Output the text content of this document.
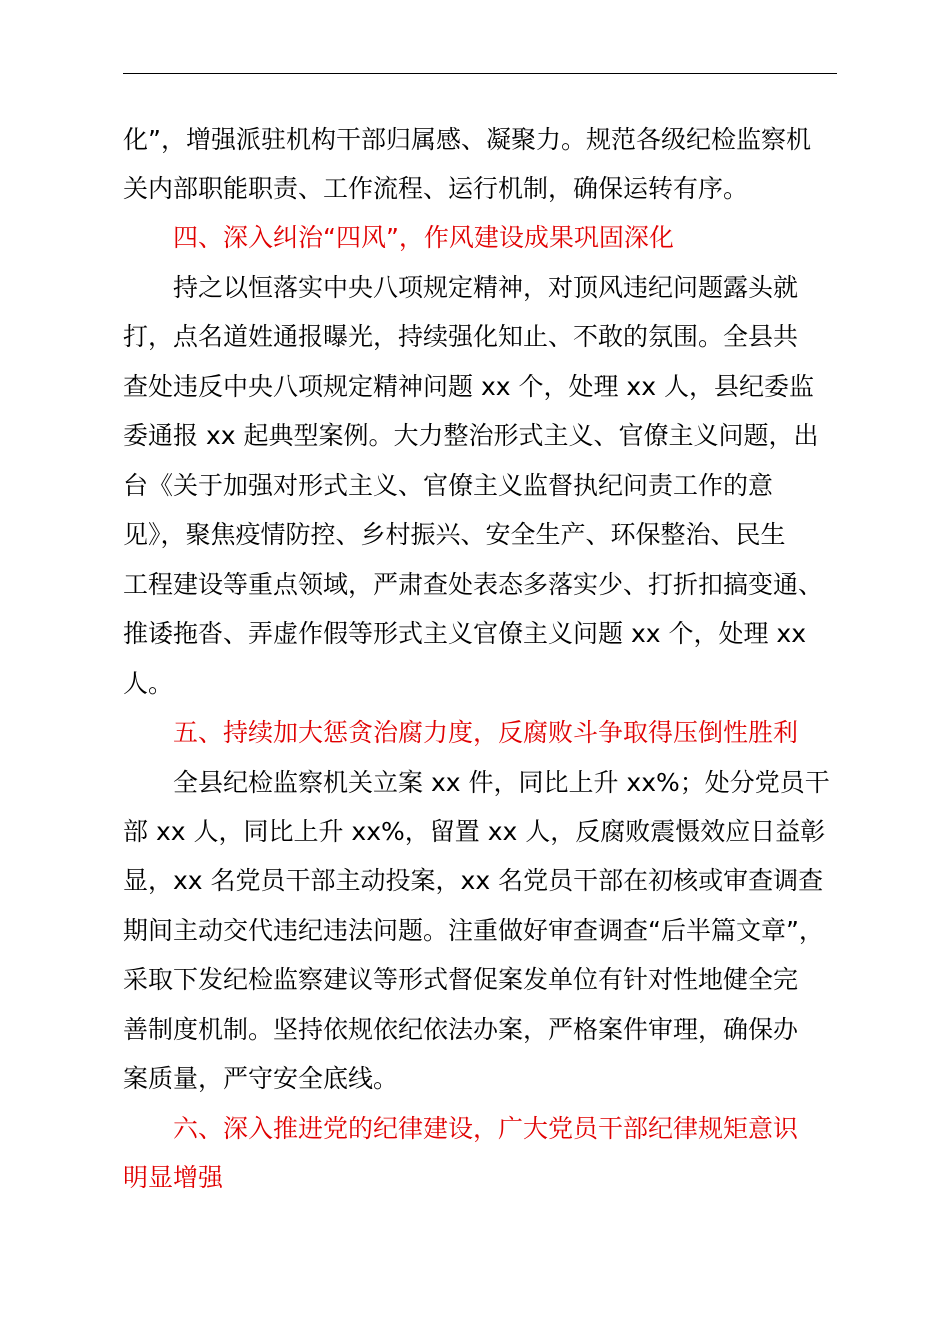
化”，增强派驻机构干部归属感、凝聚力。规范各级纪检监察机

关内部职能职责、工作流程、运行机制，确保运转有序。

四、深入纠治“四风”，作风建设成果巩固深化

持之以恒落实中央八项规定精神，对顶风违纪问题露头就

打，点名道姓通报曝光，持续强化知止、不敢的氛围。全县共

查处违反中央八项规定精神问题 xx 个，处理 xx 人，县纪委监

委通报 xx 起典型案例。大力整治形式主义、官僚主义问题，出

台《关于加强对形式主义、官僚主义监督执纪问责工作的意

见》，聚焦疫情防控、乡村振兴、安全生产、环保整治、民生

工程建设等重点领域，严肃查处表态多落实少、打折扣搞变通、

推诿拖沓、弄虚作假等形式主义官僚主义问题 xx 个，处理 xx

人。

五、持续加大惩贪治腐力度，反腐败斗争取得压倒性胜利

全县纪检监察机关立案 xx 件，同比上升 xx%；处分党员干

部 xx 人，同比上升 xx%，留置 xx 人，反腐败震慑效应日益彰

显，xx 名党员干部主动投案，xx 名党员干部在初核或审查调查

期间主动交代违纪违法问题。注重做好审查调查“后半篇文章”，

采取下发纪检监察建议等形式督促案发单位有针对性地健全完

善制度机制。坚持依规依纪依法办案，严格案件审理，确保办

案质量，严守安全底线。

六、深入推进党的纪律建设，广大党员干部纪律规矩意识

明显增强
